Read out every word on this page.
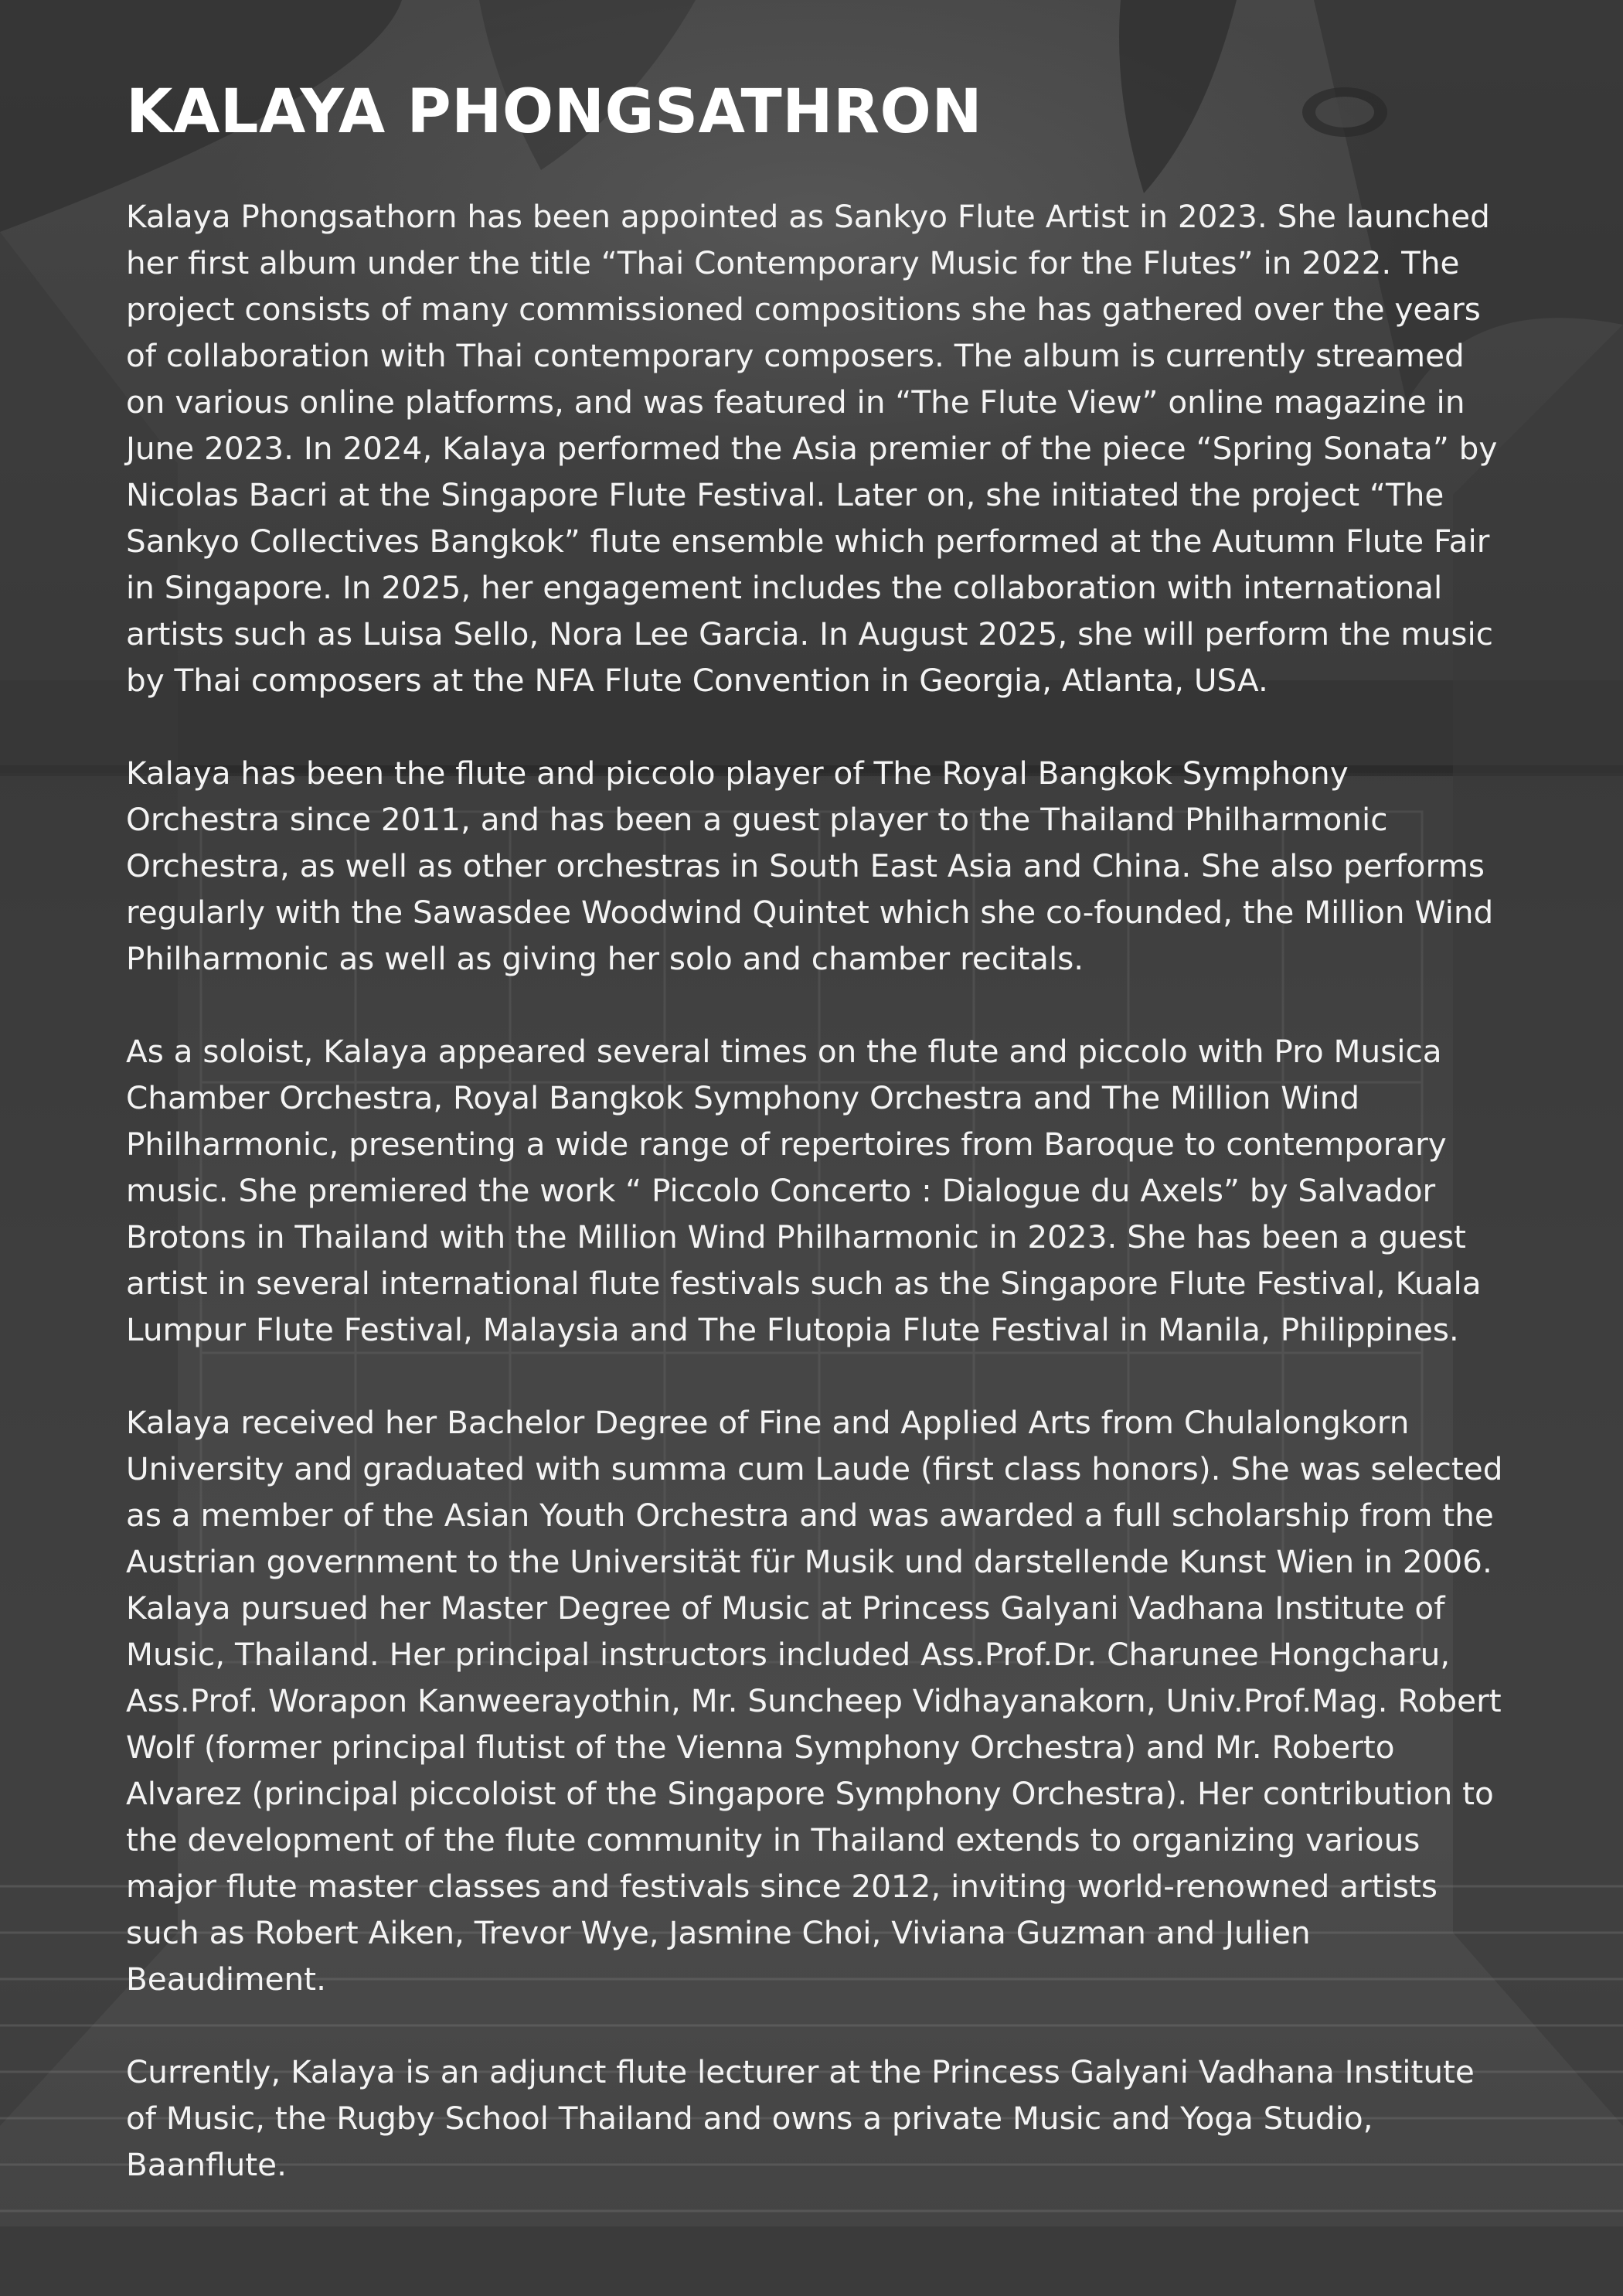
KALAYA PHONGSATHRON

Kalaya Phongsathorn has been appointed as Sankyo Flute Artist in 2023. She launched her first album under the title “Thai Contemporary Music for the Flutes” in 2022. The project consists of many commissioned compositions she has gathered over the years of collaboration with Thai contemporary composers. The album is currently streamed on various online platforms, and was featured in “The Flute View” online magazine in June 2023. In 2024, Kalaya performed the Asia premier of the piece “Spring Sonata” by Nicolas Bacri at the Singapore Flute Festival. Later on, she initiated the project “The Sankyo Collectives Bangkok” flute ensemble which performed at the Autumn Flute Fair in Singapore. In 2025, her engagement includes the collaboration with international artists such as Luisa Sello, Nora Lee Garcia. In August 2025, she will perform the music by Thai composers at the NFA Flute Convention in Georgia, Atlanta, USA.

Kalaya has been the flute and piccolo player of The Royal Bangkok Symphony Orchestra since 2011, and has been a guest player to the Thailand Philharmonic Orchestra, as well as other orchestras in South East Asia and China. She also performs regularly with the Sawasdee Woodwind Quintet which she co-founded, the Million Wind Philharmonic as well as giving her solo and chamber recitals.

As a soloist, Kalaya appeared several times on the flute and piccolo with Pro Musica Chamber Orchestra, Royal Bangkok Symphony Orchestra and The Million Wind Philharmonic, presenting a wide range of repertoires from Baroque to contemporary music. She premiered the work “ Piccolo Concerto : Dialogue du Axels” by Salvador Brotons in Thailand with the Million Wind Philharmonic in 2023. She has been a guest artist in several international flute festivals such as the Singapore Flute Festival, Kuala Lumpur Flute Festival, Malaysia and The Flutopia Flute Festival in Manila, Philippines.

Kalaya received her Bachelor Degree of Fine and Applied Arts from Chulalongkorn University and graduated with summa cum Laude (first class honors). She was selected as a member of the Asian Youth Orchestra and was awarded a full scholarship from the Austrian government to the Universität für Musik und darstellende Kunst Wien in 2006. Kalaya pursued her Master Degree of Music at Princess Galyani Vadhana Institute of Music, Thailand. Her principal instructors included Ass.Prof.Dr. Charunee Hongcharu, Ass.Prof. Worapon Kanweerayothin, Mr. Suncheep Vidhayanakorn, Univ.Prof.Mag. Robert Wolf (former principal flutist of the Vienna Symphony Orchestra) and Mr. Roberto Alvarez (principal piccoloist of the Singapore Symphony Orchestra). Her contribution to the development of the flute community in Thailand extends to organizing various major flute master classes and festivals since 2012, inviting world-renowned artists such as Robert Aiken, Trevor Wye, Jasmine Choi, Viviana Guzman and Julien Beaudiment.

Currently, Kalaya is an adjunct flute lecturer at the Princess Galyani Vadhana Institute of Music, the Rugby School Thailand and owns a private Music and Yoga Studio, Baanflute.
